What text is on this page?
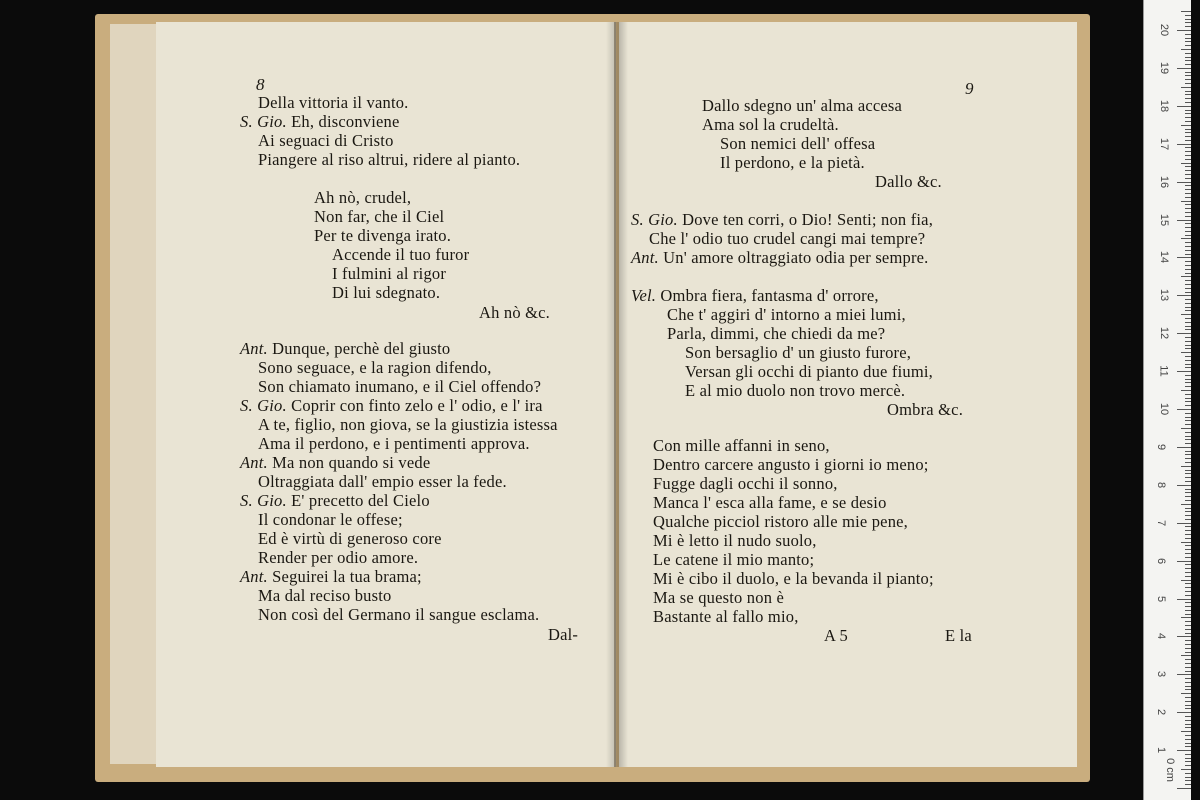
8
Della vittoria il vanto.
S. Gio. Eh, disconviene
Ai seguaci di Cristo
Piangere al riso altrui, ridere al pianto.
Ah nò, crudel,
Non far, che il Ciel
Per te divenga irato.
Accende il tuo furor
I fulmini al rigor
Di lui sdegnato.
Ah nò &c.
Ant. Dunque, perchè del giusto
Sono seguace, e la ragion difendo,
Son chiamato inumano, e il Ciel offendo?
S. Gio. Coprir con finto zelo e l' odio, e l' ira
A te, figlio, non giova, se la giustizia istessa
Ama il perdono, e i pentimenti approva.
Ant. Ma non quando si vede
Oltraggiata dall' empio esser la fede.
S. Gio. E' precetto del Cielo
Il condonar le offese;
Ed è virtù di generoso core
Render per odio amore.
Ant. Seguirei la tua brama;
Ma dal reciso busto
Non così del Germano il sangue esclama.
Dal-
9
Dallo sdegno un' alma accesa
Ama sol la crudeltà.
Son nemici dell' offesa
Il perdono, e la pietà.
Dallo &c.
S. Gio. Dove ten corri, o Dio! Senti; non fia,
Che l' odio tuo crudel cangi mai tempre?
Ant. Un' amore oltraggiato odia per sempre.
Vel. Ombra fiera, fantasma d' orrore,
Che t' aggiri d' intorno a miei lumi,
Parla, dimmi, che chiedi da me?
Son bersaglio d' un giusto furore,
Versan gli occhi di pianto due fiumi,
E al mio duolo non trovo mercè.
Ombra &c.
Con mille affanni in seno,
Dentro carcere angusto i giorni io meno;
Fugge dagli occhi il sonno,
Manca l' esca alla fame, e se desio
Qualche picciol ristoro alle mie pene,
Mi è letto il nudo suolo,
Le catene il mio manto;
Mi è cibo il duolo, e la bevanda il pianto;
Ma se questo non è
Bastante al fallo mio,
A 5	E la
20
19
18
17
16
15
14
13
12
11
10
9
8
7
6
5
4
3
2
1
0 cm
